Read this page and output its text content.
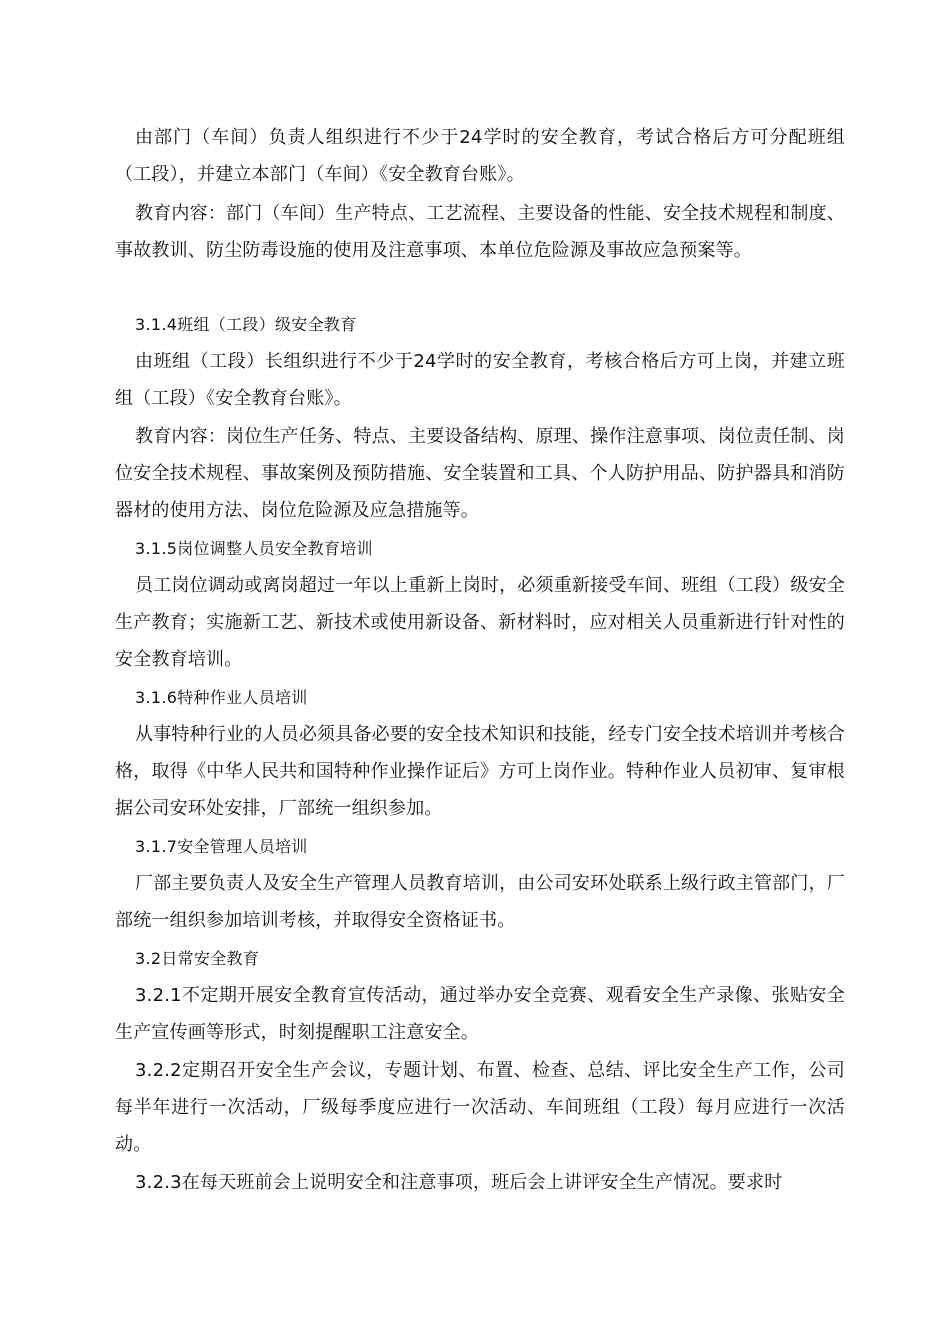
由部门（车间）负责人组织进行不少于24学时的安全教育，考试合格后方可分配班组（工段），并建立本部门（车间）《安全教育台账》。
教育内容：部门（车间）生产特点、工艺流程、主要设备的性能、安全技术规程和制度、事故教训、防尘防毒设施的使用及注意事项、本单位危险源及事故应急预案等。
3.1.4班组（工段）级安全教育
由班组（工段）长组织进行不少于24学时的安全教育，考核合格后方可上岗，并建立班组（工段）《安全教育台账》。
教育内容：岗位生产任务、特点、主要设备结构、原理、操作注意事项、岗位责任制、岗位安全技术规程、事故案例及预防措施、安全装置和工具、个人防护用品、防护器具和消防器材的使用方法、岗位危险源及应急措施等。
3.1.5岗位调整人员安全教育培训
员工岗位调动或离岗超过一年以上重新上岗时，必须重新接受车间、班组（工段）级安全生产教育；实施新工艺、新技术或使用新设备、新材料时，应对相关人员重新进行针对性的安全教育培训。
3.1.6特种作业人员培训
从事特种行业的人员必须具备必要的安全技术知识和技能，经专门安全技术培训并考核合格，取得《中华人民共和国特种作业操作证后》方可上岗作业。特种作业人员初审、复审根据公司安环处安排，厂部统一组织参加。
3.1.7安全管理人员培训
厂部主要负责人及安全生产管理人员教育培训，由公司安环处联系上级行政主管部门，厂部统一组织参加培训考核，并取得安全资格证书。
3.2日常安全教育
3.2.1不定期开展安全教育宣传活动，通过举办安全竞赛、观看安全生产录像、张贴安全生产宣传画等形式，时刻提醒职工注意安全。
3.2.2定期召开安全生产会议，专题计划、布置、检查、总结、评比安全生产工作，公司每半年进行一次活动，厂级每季度应进行一次活动、车间班组（工段）每月应进行一次活动。
3.2.3在每天班前会上说明安全和注意事项，班后会上讲评安全生产情况。要求时
